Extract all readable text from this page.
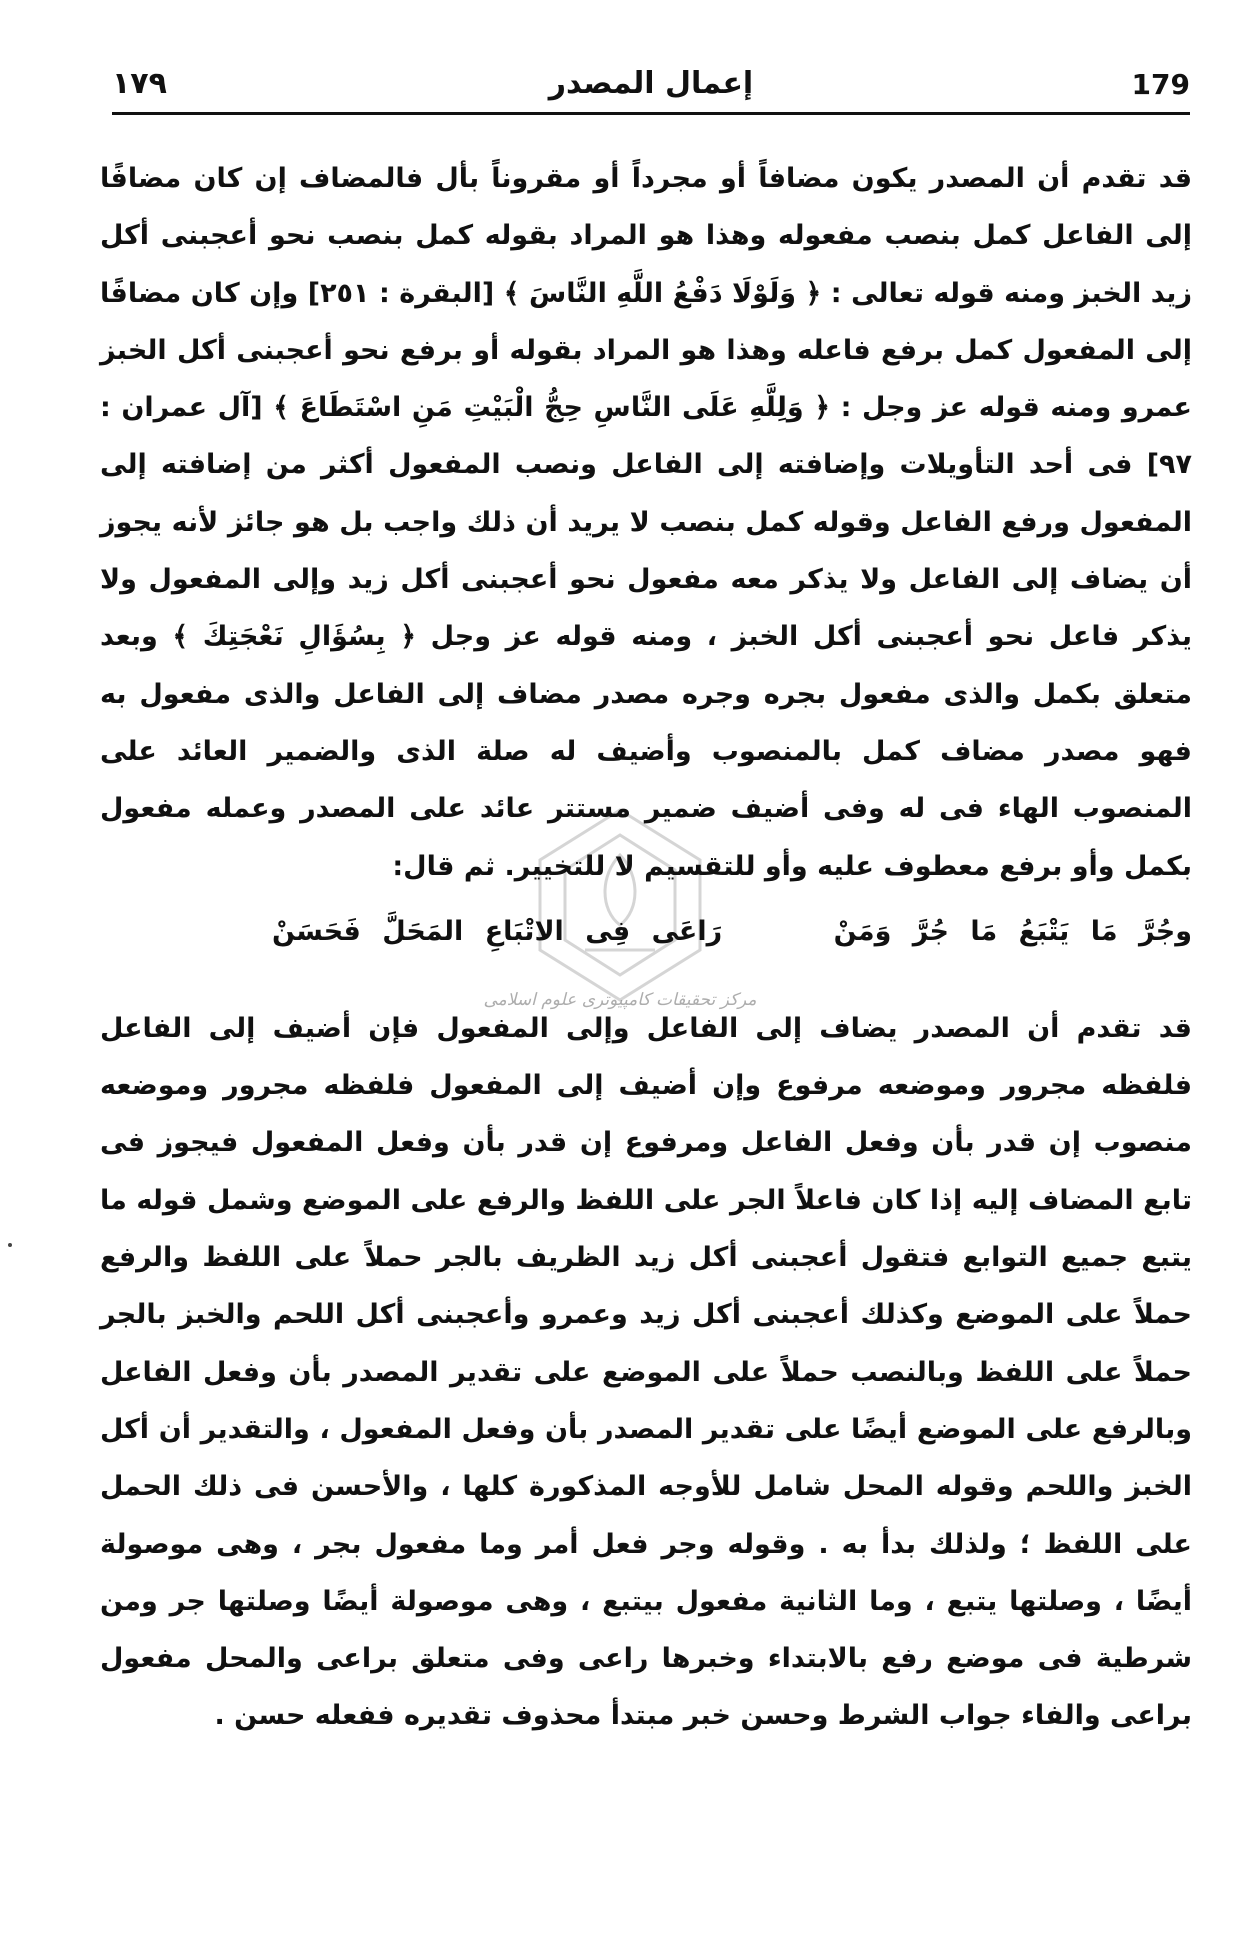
١٧٩	إعمال المصدر	179
مركز تحقيقات كامپيوتری علوم اسلامی

قد تقدم أن المصدر يكون مضافاً أو مجرداً أو مقروناً بأل فالمضاف إن كان مضافًا إلى الفاعل كمل بنصب مفعوله وهذا هو المراد بقوله كمل بنصب نحو أعجبنى أكل زيد الخبز ومنه قوله تعالى : ﴿ وَلَوْلَا دَفْعُ اللَّهِ النَّاسَ ﴾ [البقرة : ٢٥١] وإن كان مضافًا إلى المفعول كمل برفع فاعله وهذا هو المراد بقوله أو برفع نحو أعجبنى أكل الخبز عمرو ومنه قوله عز وجل : ﴿ وَلِلَّهِ عَلَى النَّاسِ حِجُّ الْبَيْتِ مَنِ اسْتَطَاعَ ﴾ [آل عمران : ٩٧] فى أحد التأويلات وإضافته إلى الفاعل ونصب المفعول أكثر من إضافته إلى المفعول ورفع الفاعل وقوله كمل بنصب لا يريد أن ذلك واجب بل هو جائز لأنه يجوز أن يضاف إلى الفاعل ولا يذكر معه مفعول نحو أعجبنى أكل زيد وإلى المفعول ولا يذكر فاعل نحو أعجبنى أكل الخبز ، ومنه قوله عز وجل ﴿ بِسُؤَالِ نَعْجَتِكَ ﴾ وبعد متعلق بكمل والذى مفعول بجره وجره مصدر مضاف إلى الفاعل والذى مفعول به فهو مصدر مضاف كمل بالمنصوب وأضيف له صلة الذى والضمير العائد على المنصوب الهاء فى له وفى أضيف ضمير مستتر عائد على المصدر وعمله مفعول بكمل وأو برفع معطوف عليه وأو للتقسيم لا للتخيير. ثم قال:

وجُرَّ مَا يَتْبَعُ مَا جُرَّ وَمَنْ رَاعَى فِى الاتْبَاعِ المَحَلَّ فَحَسَنْ

قد تقدم أن المصدر يضاف إلى الفاعل وإلى المفعول فإن أضيف إلى الفاعل فلفظه مجرور وموضعه مرفوع وإن أضيف إلى المفعول فلفظه مجرور وموضعه منصوب إن قدر بأن وفعل الفاعل ومرفوع إن قدر بأن وفعل المفعول فيجوز فى تابع المضاف إليه إذا كان فاعلاً الجر على اللفظ والرفع على الموضع وشمل قوله ما يتبع جميع التوابع فتقول أعجبنى أكل زيد الظريف بالجر حملاً على اللفظ والرفع حملاً على الموضع وكذلك أعجبنى أكل زيد وعمرو وأعجبنى أكل اللحم والخبز بالجر حملاً على اللفظ وبالنصب حملاً على الموضع على تقدير المصدر بأن وفعل الفاعل وبالرفع على الموضع أيضًا على تقدير المصدر بأن وفعل المفعول ، والتقدير أن أكل الخبز واللحم وقوله المحل شامل للأوجه المذكورة كلها ، والأحسن فى ذلك الحمل على اللفظ ؛ ولذلك بدأ به . وقوله وجر فعل أمر وما مفعول بجر ، وهى موصولة أيضًا ، وصلتها يتبع ، وما الثانية مفعول بيتبع ، وهى موصولة أيضًا وصلتها جر ومن شرطية فى موضع رفع بالابتداء وخبرها راعى وفى متعلق براعى والمحل مفعول براعى والفاء جواب الشرط وحسن خبر مبتدأ محذوف تقديره ففعله حسن .
